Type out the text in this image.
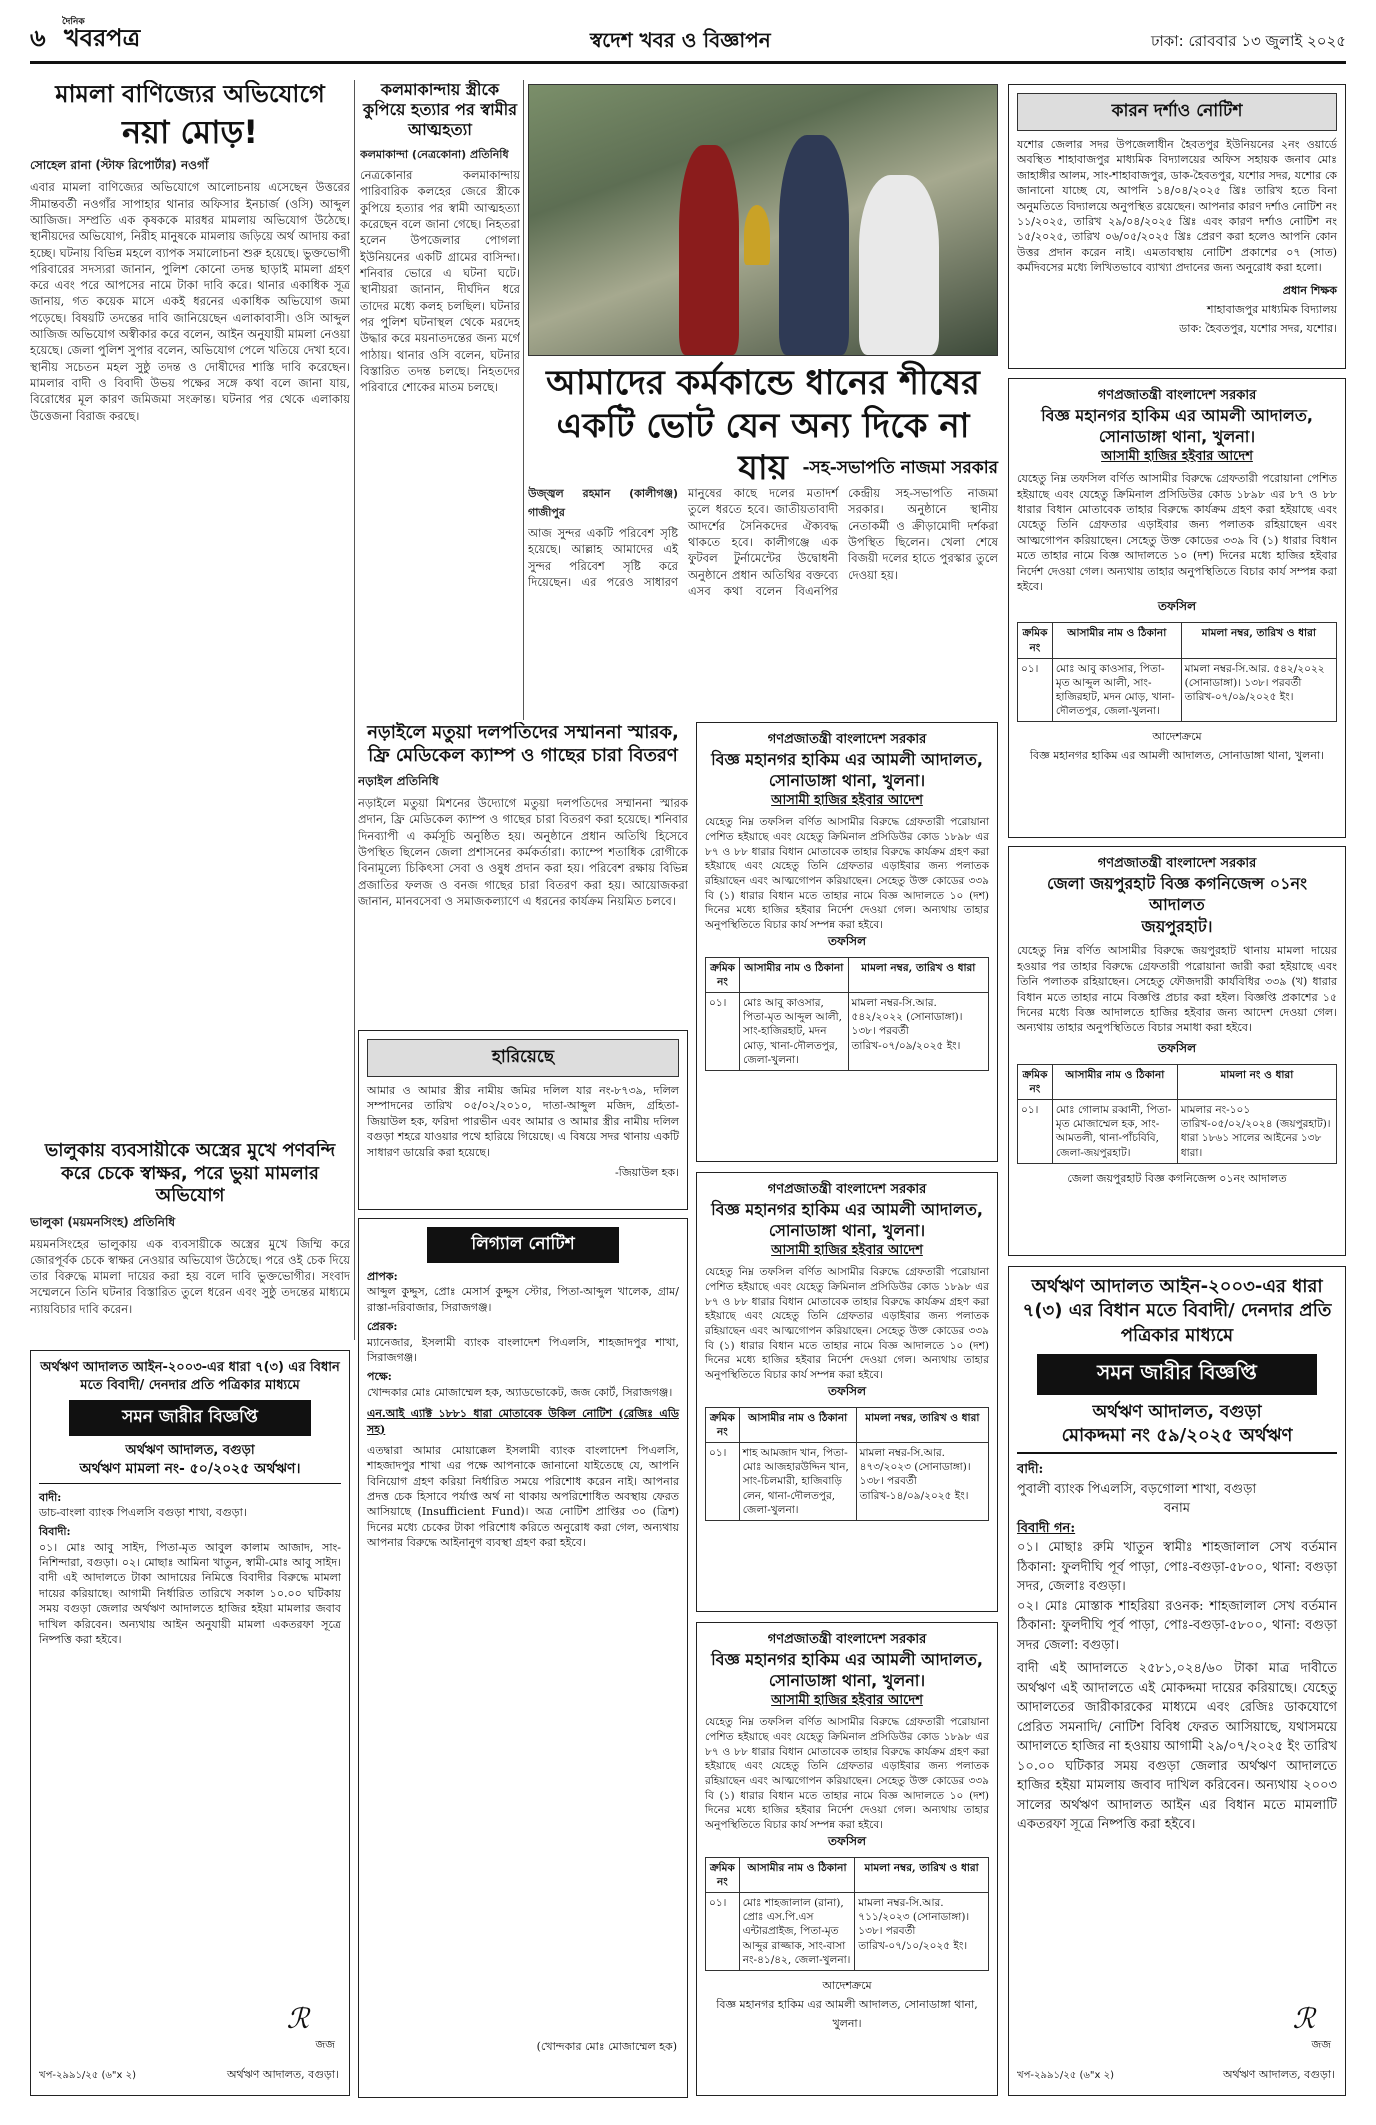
৬
দৈনিক
খবরপত্র	স্বদেশ খবর ও বিজ্ঞাপন	ঢাকা: রোববার ১৩ জুলাই ২০২৫
মামলা বাণিজ্যের অভিযোগে
নয়া মোড়!
সোহেল রানা (স্টাফ রিপোর্টার) নওগাঁ

এবার মামলা বাণিজ্যের অভিযোগে আলোচনায় এসেছেন উত্তরের সীমান্তবর্তী নওগাঁর সাপাহার থানার অফিসার ইনচার্জ (ওসি) আব্দুল আজিজ। সম্প্রতি এক কৃষককে মারধর মামলায় অভিযোগ উঠেছে। স্থানীয়দের অভিযোগ, নিরীহ মানুষকে মামলায় জড়িয়ে অর্থ আদায় করা হচ্ছে। ঘটনায় বিভিন্ন মহলে ব্যাপক সমালোচনা শুরু হয়েছে। ভুক্তভোগী পরিবারের সদস্যরা জানান, পুলিশ কোনো তদন্ত ছাড়াই মামলা গ্রহণ করে এবং পরে আপসের নামে টাকা দাবি করে। থানার একাধিক সূত্র জানায়, গত কয়েক মাসে একই ধরনের একাধিক অভিযোগ জমা পড়েছে। বিষয়টি তদন্তের দাবি জানিয়েছেন এলাকাবাসী। ওসি আব্দুল আজিজ অভিযোগ অস্বীকার করে বলেন, আইন অনুযায়ী মামলা নেওয়া হয়েছে। জেলা পুলিশ সুপার বলেন, অভিযোগ পেলে খতিয়ে দেখা হবে। স্থানীয় সচেতন মহল সুষ্ঠু তদন্ত ও দোষীদের শাস্তি দাবি করেছেন। মামলার বাদী ও বিবাদী উভয় পক্ষের সঙ্গে কথা বলে জানা যায়, বিরোধের মূল কারণ জমিজমা সংক্রান্ত। ঘটনার পর থেকে এলাকায় উত্তেজনা বিরাজ করছে।

কলমাকান্দায় স্ত্রীকে কুপিয়ে হত্যার পর স্বামীর আত্মহত্যা
কলমাকান্দা (নেত্রকোনা) প্রতিনিধি

নেত্রকোনার কলমাকান্দায় পারিবারিক কলহের জেরে স্ত্রীকে কুপিয়ে হত্যার পর স্বামী আত্মহত্যা করেছেন বলে জানা গেছে। নিহতরা হলেন উপজেলার পোগলা ইউনিয়নের একটি গ্রামের বাসিন্দা। শনিবার ভোরে এ ঘটনা ঘটে। স্থানীয়রা জানান, দীর্ঘদিন ধরে তাদের মধ্যে কলহ চলছিল। ঘটনার পর পুলিশ ঘটনাস্থল থেকে মরদেহ উদ্ধার করে ময়নাতদন্তের জন্য মর্গে পাঠায়। থানার ওসি বলেন, ঘটনার বিস্তারিত তদন্ত চলছে। নিহতদের পরিবারে শোকের মাতম চলছে।	আমাদের কর্মকান্ডে ধানের শীষের একটি ভোট যেন অন্য দিকে না যায় -সহ-সভাপতি নাজমা সরকার
উজ্জ্বল রহমান (কালীগঞ্জ) গাজীপুর

আজ সুন্দর একটি পরিবেশ সৃষ্টি হয়েছে। আল্লাহ আমাদের এই সুন্দর পরিবেশ সৃষ্টি করে দিয়েছেন। এর পরেও সাধারণ মানুষের কাছে দলের মতাদর্শ তুলে ধরতে হবে। জাতীয়তাবাদী আদর্শের সৈনিকদের ঐক্যবদ্ধ থাকতে হবে। কালীগঞ্জে এক ফুটবল টুর্নামেন্টের উদ্বোধনী অনুষ্ঠানে প্রধান অতিথির বক্তব্যে এসব কথা বলেন বিএনপির কেন্দ্রীয় সহ-সভাপতি নাজমা সরকার। অনুষ্ঠানে স্থানীয় নেতাকর্মী ও ক্রীড়ামোদী দর্শকরা উপস্থিত ছিলেন। খেলা শেষে বিজয়ী দলের হাতে পুরস্কার তুলে দেওয়া হয়।

কারন দর্শাও নোটিশ
যশোর জেলার সদর উপজেলাধীন হৈবতপুর ইউনিয়নের ২নং ওয়ার্ডে অবস্থিত শাহাবাজপুর মাধ্যমিক বিদ্যালয়ের অফিস সহায়ক জনাব মোঃ জাহাঙ্গীর আলম, সাং-শাহাবাজপুর, ডাক-হৈবতপুর, যশোর সদর, যশোর কে জানানো যাচ্ছে যে, আপনি ১৪/০৪/২০২৫ খ্রিঃ তারিখ হতে বিনা অনুমতিতে বিদ্যালয়ে অনুপস্থিত রয়েছেন। আপনার কারণ দর্শাও নোটিশ নং ১১/২০২৫, তারিখ ২৯/০৪/২০২৫ খ্রিঃ এবং কারণ দর্শাও নোটিশ নং ১৫/২০২৫, তারিখ ০৬/০৫/২০২৫ খ্রিঃ প্রেরণ করা হলেও আপনি কোন উত্তর প্রদান করেন নাই। এমতাবস্থায় নোটিশ প্রকাশের ০৭ (সাত) কর্মদিবসের মধ্যে লিখিতভাবে ব্যাখ্যা প্রদানের জন্য অনুরোধ করা হলো।
প্রধান শিক্ষক
শাহাবাজপুর মাধ্যমিক বিদ্যালয়
ডাক: হৈবতপুর, যশোর সদর, যশোর।
গণপ্রজাতন্ত্রী বাংলাদেশ সরকার
বিজ্ঞ মহানগর হাকিম এর আমলী আদালত,
সোনাডাঙ্গা থানা, খুলনা।
আসামী হাজির হইবার আদেশ
যেহেতু নিম্ন তফসিল বর্ণিত আসামীর বিরুদ্ধে গ্রেফতারী পরোয়ানা পেশিত হইয়াছে এবং যেহেতু ক্রিমিনাল প্রসিডিউর কোড ১৮৯৮ এর ৮৭ ও ৮৮ ধারার বিধান মোতাবেক তাহার বিরুদ্ধে কার্যক্রম গ্রহণ করা হইয়াছে এবং যেহেতু তিনি গ্রেফতার এড়াইবার জন্য পলাতক রহিয়াছেন এবং আত্মগোপন করিয়াছেন। সেহেতু উক্ত কোডের ৩৩৯ বি (১) ধারার বিধান মতে তাহার নামে বিজ্ঞ আদালতে ১০ (দশ) দিনের মধ্যে হাজির হইবার নির্দেশ দেওয়া গেল। অন্যথায় তাহার অনুপস্থিতিতে বিচার কার্য সম্পন্ন করা হইবে।
তফসিল
ক্রমিক নং	আসামীর নাম ও ঠিকানা	মামলা নম্বর, তারিখ ও ধারা
০১।	মোঃ আবু কাওসার, পিতা-মৃত আব্দুল আলী, সাং-হাজিরহাট, মদন মোড়, খানা-দৌলতপুর, জেলা-খুলনা।	মামলা নম্বর-সি.আর. ৫৪২/২০২২ (সোনাডাঙ্গা)। ১৩৮। পরবর্তী তারিখ-০৭/০৯/২০২৫ ইং।
আদেশক্রমে
বিজ্ঞ মহানগর হাকিম এর আমলী আদালত, সোনাডাঙ্গা থানা, খুলনা।
গণপ্রজাতন্ত্রী বাংলাদেশ সরকার
জেলা জয়পুরহাট বিজ্ঞ কগনিজেন্স ০১নং আদালত
জয়পুরহাট।
যেহেতু নিম্ন বর্ণিত আসামীর বিরুদ্ধে জয়পুরহাট থানায় মামলা দায়ের হওয়ার পর তাহার বিরুদ্ধে গ্রেফতারী পরোয়ানা জারী করা হইয়াছে এবং তিনি পলাতক রহিয়াছেন। সেহেতু ফৌজদারী কার্যবিধির ৩৩৯ (খ) ধারার বিধান মতে তাহার নামে বিজ্ঞপ্তি প্রচার করা হইল। বিজ্ঞপ্তি প্রকাশের ১৫ দিনের মধ্যে বিজ্ঞ আদালতে হাজির হইবার জন্য আদেশ দেওয়া গেল। অন্যথায় তাহার অনুপস্থিতিতে বিচার সমাধা করা হইবে।
তফসিল
ক্রমিক নং	আসামীর নাম ও ঠিকানা	মামলা নং ও ধারা
০১।	মোঃ গোলাম রব্বানী, পিতা-মৃত মোজাম্মেল হক, সাং-আমতলী, থানা-পাঁচবিবি, জেলা-জয়পুরহাট।	মামলার নং-১০১ তারিখ-০৫/০২/২০২৪ (জয়পুরহাট)। ধারা ১৮৬১ সালের আইনের ১৩৮ ধারা।
জেলা জয়পুরহাট বিজ্ঞ কগনিজেন্স ০১নং আদালত
অর্থঋণ আদালত আইন-২০০৩-এর ধারা ৭(৩) এর বিধান মতে বিবাদী/ দেনদার প্রতি পত্রিকার মাধ্যমে
সমন জারীর বিজ্ঞপ্তি
অর্থঋণ আদালত, বগুড়া
মোকদ্দমা নং ৫৯/২০২৫ অর্থঋণ
বাদী:
পুবালী ব্যাংক পিএলসি, বড়গোলা শাখা, বগুড়া
বনাম
বিবাদী গন:
০১। মোছাঃ রুমি খাতুন স্বামীঃ শাহজালাল সেখ বর্তমান ঠিকানা: ফুলদীঘি পূর্ব পাড়া, পোঃ-বগুড়া-৫৮০০, থানা: বগুড়া সদর, জেলাঃ বগুড়া।
০২। মোঃ মোস্তাক শাহরিয়া রওনক: শাহজালাল সেখ বর্তমান ঠিকানা: ফুলদীঘি পূর্ব পাড়া, পোঃ-বগুড়া-৫৮০০, থানা: বগুড়া সদর জেলা: বগুড়া।
বাদী এই আদালতে ২৫৮১,০২৪/৬০ টাকা মাত্র দাবীতে অর্থঋণ এই আদালতে এই মোকদ্দমা দায়ের করিয়াছে। যেহেতু আদালতের জারীকারকের মাধ্যমে এবং রেজিঃ ডাকযোগে প্রেরিত সমনাদি/ নোটিশ বিবিধ ফেরত আসিয়াছে, যথাসময়ে আদালতে হাজির না হওয়ায় আগামী ২৯/০৭/২০২৫ ইং তারিখ ১০.০০ ঘটিকার সময় বগুড়া জেলার অর্থঋণ আদালতে হাজির হইয়া মামলায় জবাব দাখিল করিবেন। অন্যথায় ২০০৩ সালের অর্থঋণ আদালত আইন এর বিধান মতে মামলাটি একতরফা সূত্রে নিষ্পত্তি করা হইবে।
ℛ
জজ
খপ-২৯৯১/২৫ (৬"x ২)	অর্থঋণ আদালত, বগুড়া।
নড়াইলে মতুয়া দলপতিদের সম্মাননা স্মারক, ফ্রি মেডিকেল ক্যাম্প ও গাছের চারা বিতরণ
নড়াইল প্রতিনিধি

নড়াইলে মতুয়া মিশনের উদ্যোগে মতুয়া দলপতিদের সম্মাননা স্মারক প্রদান, ফ্রি মেডিকেল ক্যাম্প ও গাছের চারা বিতরণ করা হয়েছে। শনিবার দিনব্যাপী এ কর্মসূচি অনুষ্ঠিত হয়। অনুষ্ঠানে প্রধান অতিথি হিসেবে উপস্থিত ছিলেন জেলা প্রশাসনের কর্মকর্তারা। ক্যাম্পে শতাধিক রোগীকে বিনামূল্যে চিকিৎসা সেবা ও ওষুধ প্রদান করা হয়। পরিবেশ রক্ষায় বিভিন্ন প্রজাতির ফলজ ও বনজ গাছের চারা বিতরণ করা হয়। আয়োজকরা জানান, মানবসেবা ও সমাজকল্যাণে এ ধরনের কার্যক্রম নিয়মিত চলবে।

গণপ্রজাতন্ত্রী বাংলাদেশ সরকার
বিজ্ঞ মহানগর হাকিম এর আমলী আদালত,
সোনাডাঙ্গা থানা, খুলনা।
আসামী হাজির হইবার আদেশ
যেহেতু নিম্ন তফসিল বর্ণিত আসামীর বিরুদ্ধে গ্রেফতারী পরোয়ানা পেশিত হইয়াছে এবং যেহেতু ক্রিমিনাল প্রসিডিউর কোড ১৮৯৮ এর ৮৭ ও ৮৮ ধারার বিধান মোতাবেক তাহার বিরুদ্ধে কার্যক্রম গ্রহণ করা হইয়াছে এবং যেহেতু তিনি গ্রেফতার এড়াইবার জন্য পলাতক রহিয়াছেন এবং আত্মগোপন করিয়াছেন। সেহেতু উক্ত কোডের ৩৩৯ বি (১) ধারার বিধান মতে তাহার নামে বিজ্ঞ আদালতে ১০ (দশ) দিনের মধ্যে হাজির হইবার নির্দেশ দেওয়া গেল। অন্যথায় তাহার অনুপস্থিতিতে বিচার কার্য সম্পন্ন করা হইবে।
তফসিল
ক্রমিক নং	আসামীর নাম ও ঠিকানা	মামলা নম্বর, তারিখ ও ধারা
০১।	মোঃ আবু কাওসার, পিতা-মৃত আব্দুল আলী, সাং-হাজিরহাট, মদন মোড়, খানা-দৌলতপুর, জেলা-খুলনা।	মামলা নম্বর-সি.আর. ৫৪২/২০২২ (সোনাডাঙ্গা)। ১৩৮। পরবর্তী তারিখ-০৭/০৯/২০২৫ ইং।
হারিয়েছে
আমার ও আমার স্ত্রীর নামীয় জমির দলিল যার নং-৮৭৩৯, দলিল সম্পাদনের তারিখ ০৫/০২/২০১০, দাতা-আব্দুল মজিদ, গ্রহিতা-জিয়াউল হক, ফরিদা পারভীন এবং আমার ও আমার স্ত্রীর নামীয় দলিল বগুড়া শহরে যাওয়ার পথে হারিয়ে গিয়েছে। এ বিষয়ে সদর থানায় একটি সাধারণ ডায়েরি করা হয়েছে।
-জিয়াউল হক।
লিগ্যাল নোটিশ
প্রাপক:
আব্দুল কুদ্দুস, প্রোঃ মেসার্স কুদ্দুস স্টোর, পিতা-আব্দুল খালেক, গ্রাম/রাস্তা-দরিবাজার, সিরাজগঞ্জ।
প্রেরক:
ম্যানেজার, ইসলামী ব্যাংক বাংলাদেশ পিএলসি, শাহজাদপুর শাখা, সিরাজগঞ্জ।
পক্ষে:
খোন্দকার মোঃ মোজাম্মেল হক, অ্যাডভোকেট, জজ কোর্ট, সিরাজগঞ্জ।
এন.আই এ্যাক্ট ১৮৮১ ধারা মোতাবেক উকিল নোটিশ (রেজিঃ এডি সহ)
এতদ্বারা আমার মোয়াক্কেল ইসলামী ব্যাংক বাংলাদেশ পিএলসি, শাহজাদপুর শাখা এর পক্ষে আপনাকে জানানো যাইতেছে যে, আপনি বিনিয়োগ গ্রহণ করিয়া নির্ধারিত সময়ে পরিশোধ করেন নাই। আপনার প্রদত্ত চেক হিসাবে পর্যাপ্ত অর্থ না থাকায় অপরিশোধিত অবস্থায় ফেরত আসিয়াছে (Insufficient Fund)। অত্র নোটিশ প্রাপ্তির ৩০ (ত্রিশ) দিনের মধ্যে চেকের টাকা পরিশোধ করিতে অনুরোধ করা গেল, অন্যথায় আপনার বিরুদ্ধে আইনানুগ ব্যবস্থা গ্রহণ করা হইবে।
(খোন্দকার মোঃ মোজাম্মেল হক)
গণপ্রজাতন্ত্রী বাংলাদেশ সরকার
বিজ্ঞ মহানগর হাকিম এর আমলী আদালত,
সোনাডাঙ্গা থানা, খুলনা।
আসামী হাজির হইবার আদেশ
যেহেতু নিম্ন তফসিল বর্ণিত আসামীর বিরুদ্ধে গ্রেফতারী পরোয়ানা পেশিত হইয়াছে এবং যেহেতু ক্রিমিনাল প্রসিডিউর কোড ১৮৯৮ এর ৮৭ ও ৮৮ ধারার বিধান মোতাবেক তাহার বিরুদ্ধে কার্যক্রম গ্রহণ করা হইয়াছে এবং যেহেতু তিনি গ্রেফতার এড়াইবার জন্য পলাতক রহিয়াছেন এবং আত্মগোপন করিয়াছেন। সেহেতু উক্ত কোডের ৩৩৯ বি (১) ধারার বিধান মতে তাহার নামে বিজ্ঞ আদালতে ১০ (দশ) দিনের মধ্যে হাজির হইবার নির্দেশ দেওয়া গেল। অন্যথায় তাহার অনুপস্থিতিতে বিচার কার্য সম্পন্ন করা হইবে।
তফসিল
ক্রমিক নং	আসামীর নাম ও ঠিকানা	মামলা নম্বর, তারিখ ও ধারা
০১।	শাহ আমজাদ খান, পিতা-মোঃ আজহারউদ্দিন খান, সাং-চিলমারী, হাজিবাড়ি লেন, থানা-দৌলতপুর, জেলা-খুলনা।	মামলা নম্বর-সি.আর. ৪৭৩/২০২৩ (সোনাডাঙ্গা)। ১৩৮। পরবর্তী তারিখ-১৪/০৯/২০২৫ ইং।
গণপ্রজাতন্ত্রী বাংলাদেশ সরকার
বিজ্ঞ মহানগর হাকিম এর আমলী আদালত,
সোনাডাঙ্গা থানা, খুলনা।
আসামী হাজির হইবার আদেশ
যেহেতু নিম্ন তফসিল বর্ণিত আসামীর বিরুদ্ধে গ্রেফতারী পরোয়ানা পেশিত হইয়াছে এবং যেহেতু ক্রিমিনাল প্রসিডিউর কোড ১৮৯৮ এর ৮৭ ও ৮৮ ধারার বিধান মোতাবেক তাহার বিরুদ্ধে কার্যক্রম গ্রহণ করা হইয়াছে এবং যেহেতু তিনি গ্রেফতার এড়াইবার জন্য পলাতক রহিয়াছেন এবং আত্মগোপন করিয়াছেন। সেহেতু উক্ত কোডের ৩৩৯ বি (১) ধারার বিধান মতে তাহার নামে বিজ্ঞ আদালতে ১০ (দশ) দিনের মধ্যে হাজির হইবার নির্দেশ দেওয়া গেল। অন্যথায় তাহার অনুপস্থিতিতে বিচার কার্য সম্পন্ন করা হইবে।
তফসিল
ক্রমিক নং	আসামীর নাম ও ঠিকানা	মামলা নম্বর, তারিখ ও ধারা
০১।	মোঃ শাহজালাল (রানা), প্রোঃ এস.পি.এস এন্টারপ্রাইজ, পিতা-মৃত আব্দুর রাজ্জাক, সাং-বাসা নং-৪১/৪২, জেলা-খুলনা।	মামলা নম্বর-সি.আর. ৭১১/২০২৩ (সোনাডাঙ্গা)। ১৩৮। পরবর্তী তারিখ-০৭/১০/২০২৫ ইং।
আদেশক্রমে
বিজ্ঞ মহানগর হাকিম এর আমলী আদালত, সোনাডাঙ্গা থানা, খুলনা।
ভালুকায় ব্যবসায়ীকে অস্ত্রের মুখে পণবন্দি করে চেকে স্বাক্ষর, পরে ভুয়া মামলার অভিযোগ
ভালুকা (ময়মনসিংহ) প্রতিনিধি

ময়মনসিংহের ভালুকায় এক ব্যবসায়ীকে অস্ত্রের মুখে জিম্মি করে জোরপূর্বক চেকে স্বাক্ষর নেওয়ার অভিযোগ উঠেছে। পরে ওই চেক দিয়ে তার বিরুদ্ধে মামলা দায়ের করা হয় বলে দাবি ভুক্তভোগীর। সংবাদ সম্মেলনে তিনি ঘটনার বিস্তারিত তুলে ধরেন এবং সুষ্ঠু তদন্তের মাধ্যমে ন্যায়বিচার দাবি করেন।

অর্থঋণ আদালত আইন-২০০৩-এর ধারা ৭(৩) এর বিধান মতে বিবাদী/ দেনদার প্রতি পত্রিকার মাধ্যমে
সমন জারীর বিজ্ঞপ্তি
অর্থঋণ আদালত, বগুড়া
অর্থঋণ মামলা নং- ৫০/২০২৫ অর্থঋণ।
বাদী:
ডাচ-বাংলা ব্যাংক পিএলসি বগুড়া শাখা, বগুড়া।
বিবাদী:
০১। মোঃ আবু সাইদ, পিতা-মৃত আবুল কালাম আজাদ, সাং-নিশিন্দারা, বগুড়া। ০২। মোছাঃ আমিনা খাতুন, স্বামী-মোঃ আবু সাইদ। বাদী এই আদালতে টাকা আদায়ের নিমিত্তে বিবাদীর বিরুদ্ধে মামলা দায়ের করিয়াছে। আগামী নির্ধারিত তারিখে সকাল ১০.০০ ঘটিকায় সময় বগুড়া জেলার অর্থঋণ আদালতে হাজির হইয়া মামলার জবাব দাখিল করিবেন। অন্যথায় আইন অনুযায়ী মামলা একতরফা সূত্রে নিষ্পত্তি করা হইবে।
ℛ
জজ
খপ-২৯৯১/২৫ (৬"x ২)	অর্থঋণ আদালত, বগুড়া।
